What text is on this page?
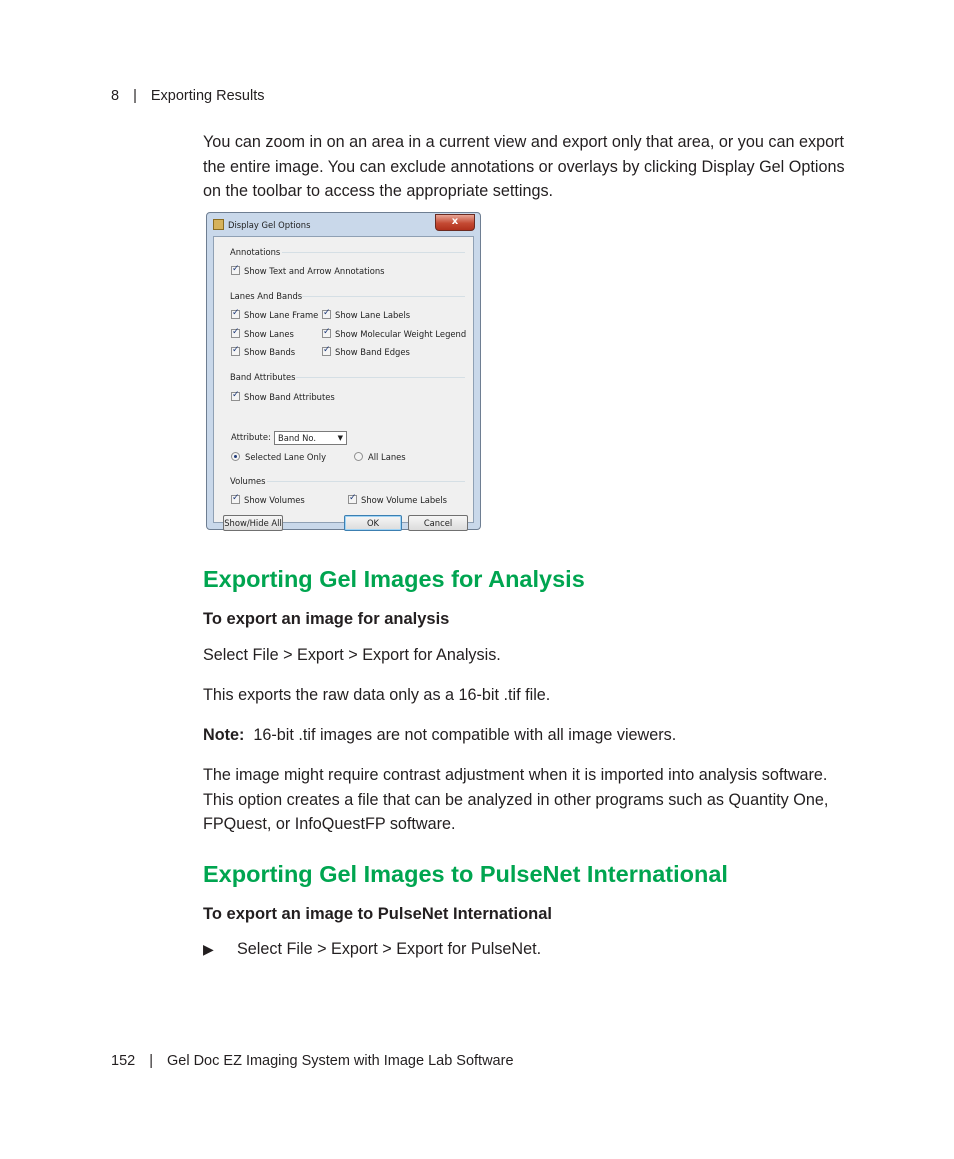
8 | Exporting Results
You can zoom in on an area in a current view and export only that area, or you can export the entire image. You can exclude annotations or overlays by clicking Display Gel Options on the toolbar to access the appropriate settings.
Display Gel Options	x
Annotations
✓Show Text and Arrow Annotations
Lanes And Bands
✓Show Lane Frame ✓	Show Lane Labels
✓Show Lanes ✓	Show Molecular Weight Legend
✓Show Bands ✓	Show Band Edges
Band Attributes
✓Show Band Attributes
Attribute: Band No.	▼
Selected Lane Only	All Lanes
Volumes
✓Show Volumes ✓	Show Volume Labels
Show/Hide All	OK	Cancel
Exporting Gel Images for Analysis
To export an image for analysis
Select File > Export > Export for Analysis.
This exports the raw data only as a 16-bit .tif file.
Note: 16-bit .tif images are not compatible with all image viewers.
The image might require contrast adjustment when it is imported into analysis software. This option creates a file that can be analyzed in other programs such as Quantity One, FPQuest, or InfoQuestFP software.
Exporting Gel Images to PulseNet International
To export an image to PulseNet International
▶ Select File > Export > Export for PulseNet.
152 | Gel Doc EZ Imaging System with Image Lab Software
